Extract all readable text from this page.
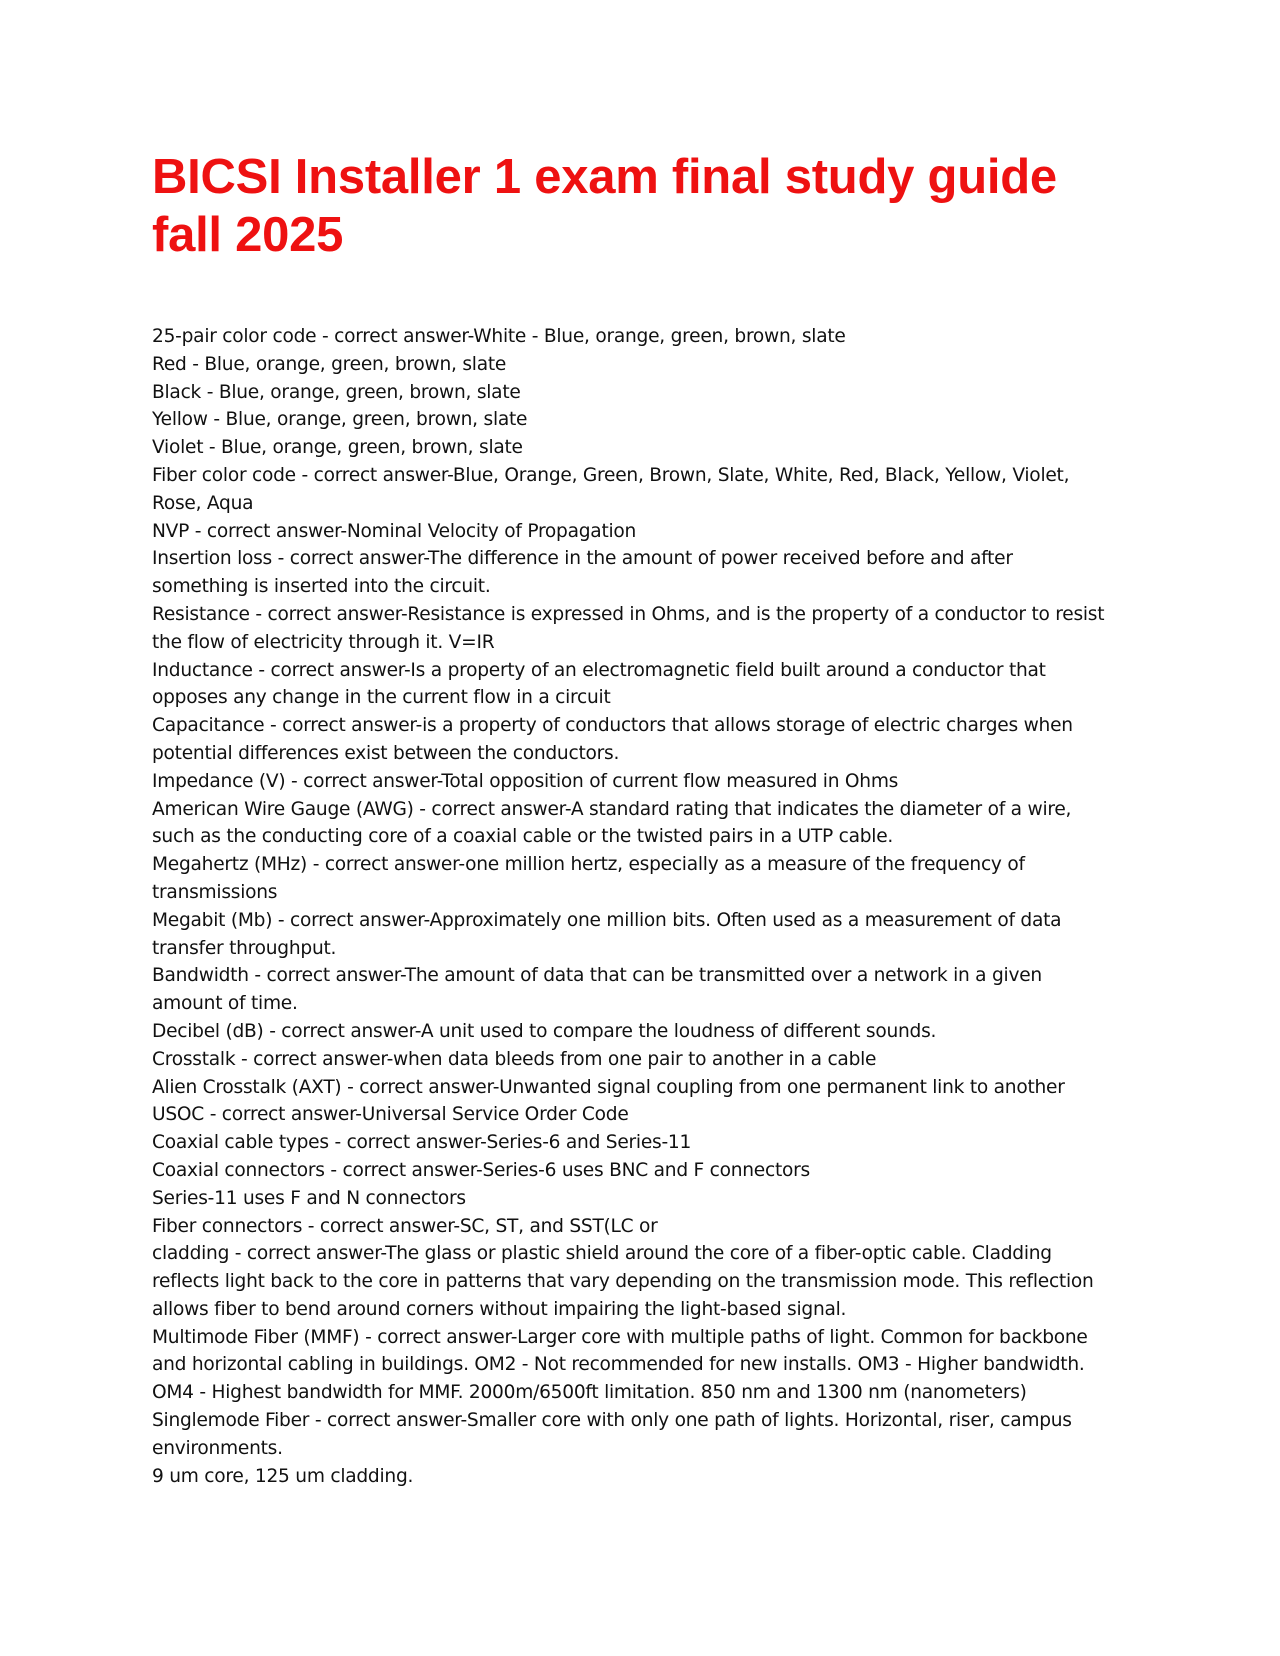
BICSI Installer 1 exam final study guide
fall 2025
25-pair color code - correct answer-White - Blue, orange, green, brown, slate
Red - Blue, orange, green, brown, slate
Black - Blue, orange, green, brown, slate
Yellow - Blue, orange, green, brown, slate
Violet - Blue, orange, green, brown, slate
Fiber color code - correct answer-Blue, Orange, Green, Brown, Slate, White, Red, Black, Yellow, Violet,
Rose, Aqua
NVP - correct answer-Nominal Velocity of Propagation
Insertion loss - correct answer-The difference in the amount of power received before and after
something is inserted into the circuit.
Resistance - correct answer-Resistance is expressed in Ohms, and is the property of a conductor to resist
the flow of electricity through it. V=IR
Inductance - correct answer-Is a property of an electromagnetic field built around a conductor that
opposes any change in the current flow in a circuit
Capacitance - correct answer-is a property of conductors that allows storage of electric charges when
potential differences exist between the conductors.
Impedance (V) - correct answer-Total opposition of current flow measured in Ohms
American Wire Gauge (AWG) - correct answer-A standard rating that indicates the diameter of a wire,
such as the conducting core of a coaxial cable or the twisted pairs in a UTP cable.
Megahertz (MHz) - correct answer-one million hertz, especially as a measure of the frequency of
transmissions
Megabit (Mb) - correct answer-Approximately one million bits. Often used as a measurement of data
transfer throughput.
Bandwidth - correct answer-The amount of data that can be transmitted over a network in a given
amount of time.
Decibel (dB) - correct answer-A unit used to compare the loudness of different sounds.
Crosstalk - correct answer-when data bleeds from one pair to another in a cable
Alien Crosstalk (AXT) - correct answer-Unwanted signal coupling from one permanent link to another
USOC - correct answer-Universal Service Order Code
Coaxial cable types - correct answer-Series-6 and Series-11
Coaxial connectors - correct answer-Series-6 uses BNC and F connectors
Series-11 uses F and N connectors
Fiber connectors - correct answer-SC, ST, and SST(LC or
cladding - correct answer-The glass or plastic shield around the core of a fiber-optic cable. Cladding
reflects light back to the core in patterns that vary depending on the transmission mode. This reflection
allows fiber to bend around corners without impairing the light-based signal.
Multimode Fiber (MMF) - correct answer-Larger core with multiple paths of light. Common for backbone
and horizontal cabling in buildings. OM2 - Not recommended for new installs. OM3 - Higher bandwidth.
OM4 - Highest bandwidth for MMF. 2000m/6500ft limitation. 850 nm and 1300 nm (nanometers)
Singlemode Fiber - correct answer-Smaller core with only one path of lights. Horizontal, riser, campus
environments.
9 um core, 125 um cladding.
